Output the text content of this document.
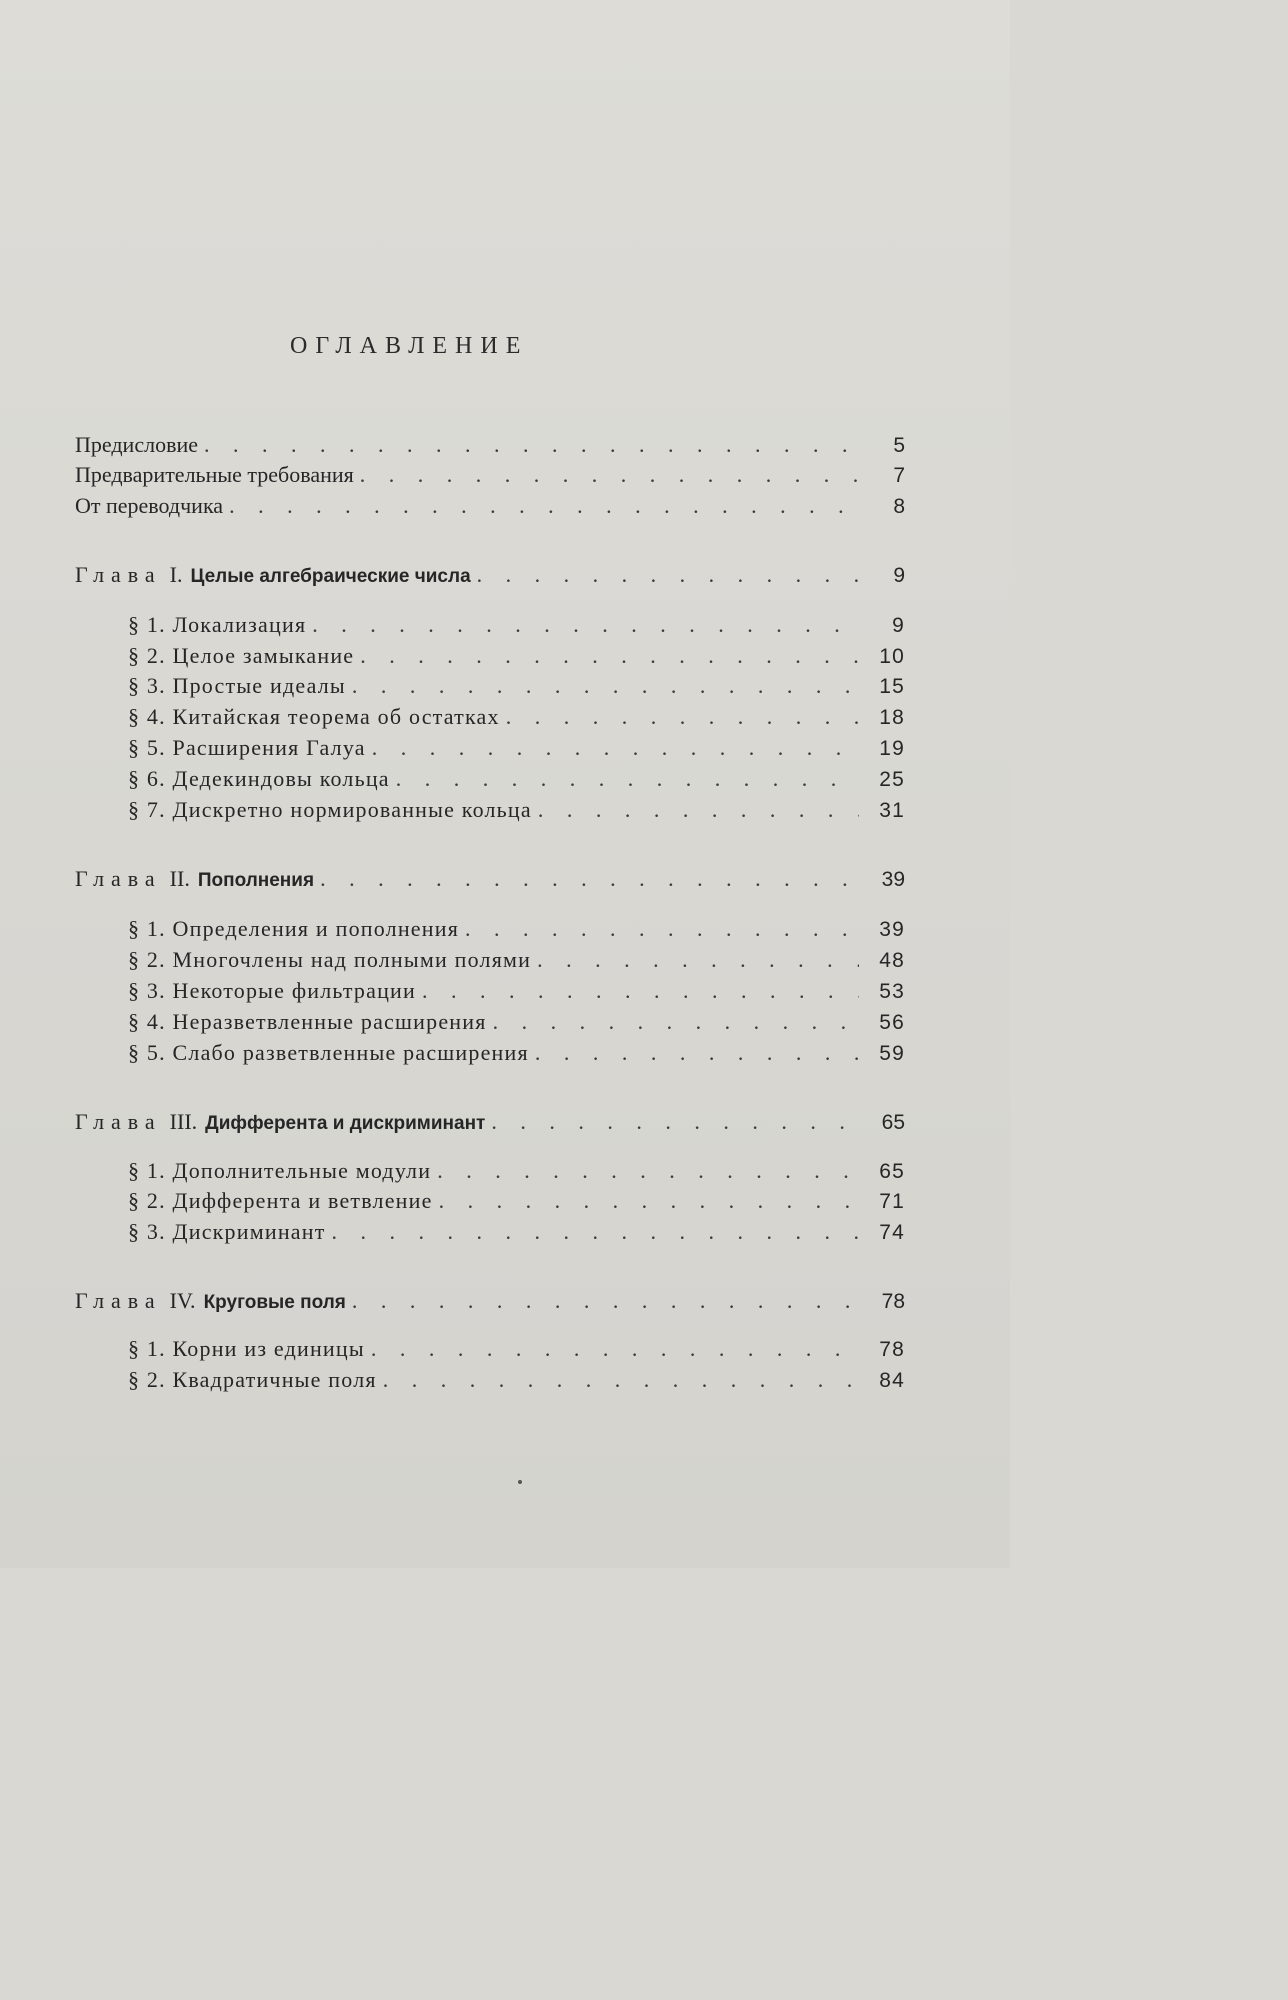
ОГЛАВЛЕНИЕ
Предисловие . . .	5
Предварительные требования . . .	7
От переводчика . . .	8
Глава I. Целые алгебраические числа . . .	9
§ 1. Локализация . . .	9
§ 2. Целое замыкание . . .	10
§ 3. Простые идеалы . . .	15
§ 4. Китайская теорема об остатках . . .	18
§ 5. Расширения Галуа . . .	19
§ 6. Дедекиндовы кольца . . .	25
§ 7. Дискретно нормированные кольца . . .	31
Глава II. Пополнения . . .	39
§ 1. Определения и пополнения . . .	39
§ 2. Многочлены над полными полями . . .	48
§ 3. Некоторые фильтрации . . .	53
§ 4. Неразветвленные расширения . . .	56
§ 5. Слабо разветвленные расширения . . .	59
Глава III. Дифферента и дискриминант . . .	65
§ 1. Дополнительные модули . . .	65
§ 2. Дифферента и ветвление . . .	71
§ 3. Дискриминант . . .	74
Глава IV. Круговые поля . . .	78
§ 1. Корни из единицы . . .	78
§ 2. Квадратичные поля . . .	84
